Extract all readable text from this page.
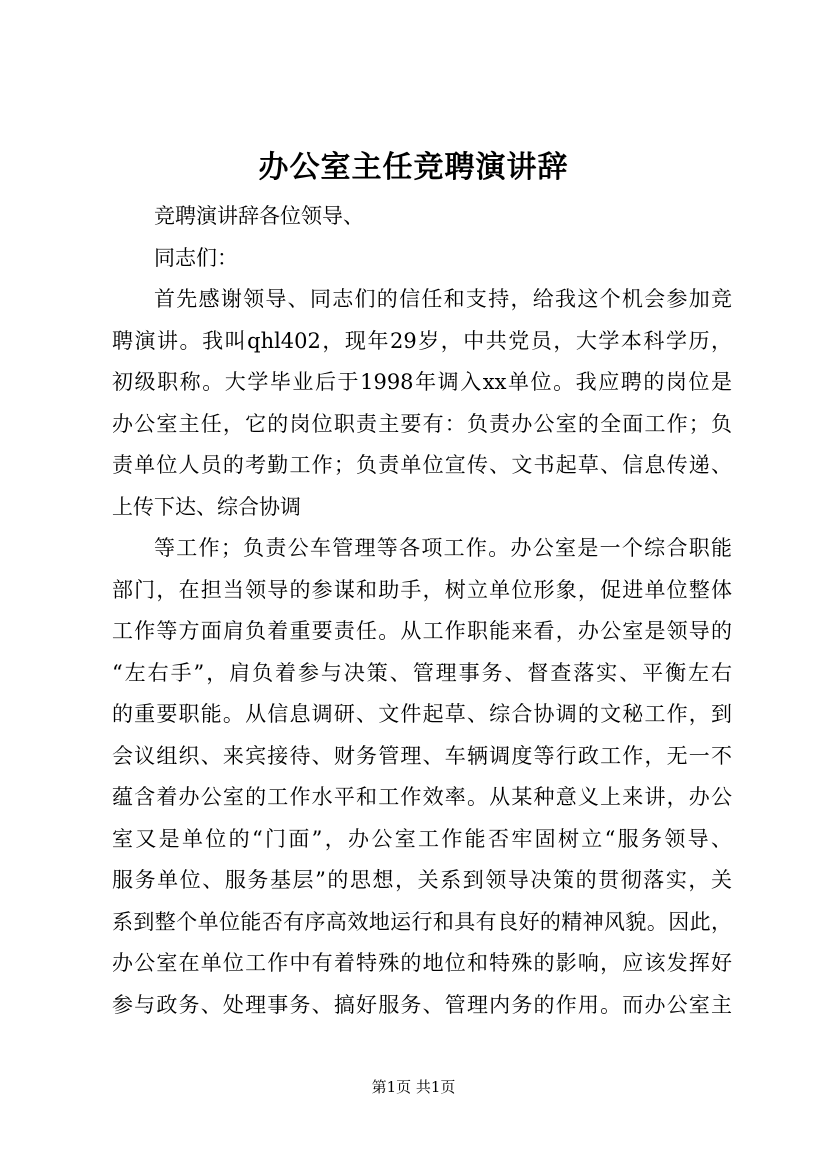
办公室主任竞聘演讲辞
竞聘演讲辞各位领导、
同志们：
首先感谢领导、同志们的信任和支持，给我这个机会参加竞
聘演讲。我叫qhl402，现年29岁，中共党员，大学本科学历，
初级职称。大学毕业后于1998年调入xx单位。我应聘的岗位是
办公室主任，它的岗位职责主要有：负责办公室的全面工作；负
责单位人员的考勤工作；负责单位宣传、文书起草、信息传递、
上传下达、综合协调
等工作；负责公车管理等各项工作。办公室是一个综合职能
部门，在担当领导的参谋和助手，树立单位形象，促进单位整体
工作等方面肩负着重要责任。从工作职能来看，办公室是领导的
“左右手”，肩负着参与决策、管理事务、督查落实、平衡左右
的重要职能。从信息调研、文件起草、综合协调的文秘工作，到
会议组织、来宾接待、财务管理、车辆调度等行政工作，无一不
蕴含着办公室的工作水平和工作效率。从某种意义上来讲，办公
室又是单位的“门面”，办公室工作能否牢固树立“服务领导、
服务单位、服务基层”的思想，关系到领导决策的贯彻落实，关
系到整个单位能否有序高效地运行和具有良好的精神风貌。因此，
办公室在单位工作中有着特殊的地位和特殊的影响，应该发挥好
参与政务、处理事务、搞好服务、管理内务的作用。而办公室主
第1页 共1页
